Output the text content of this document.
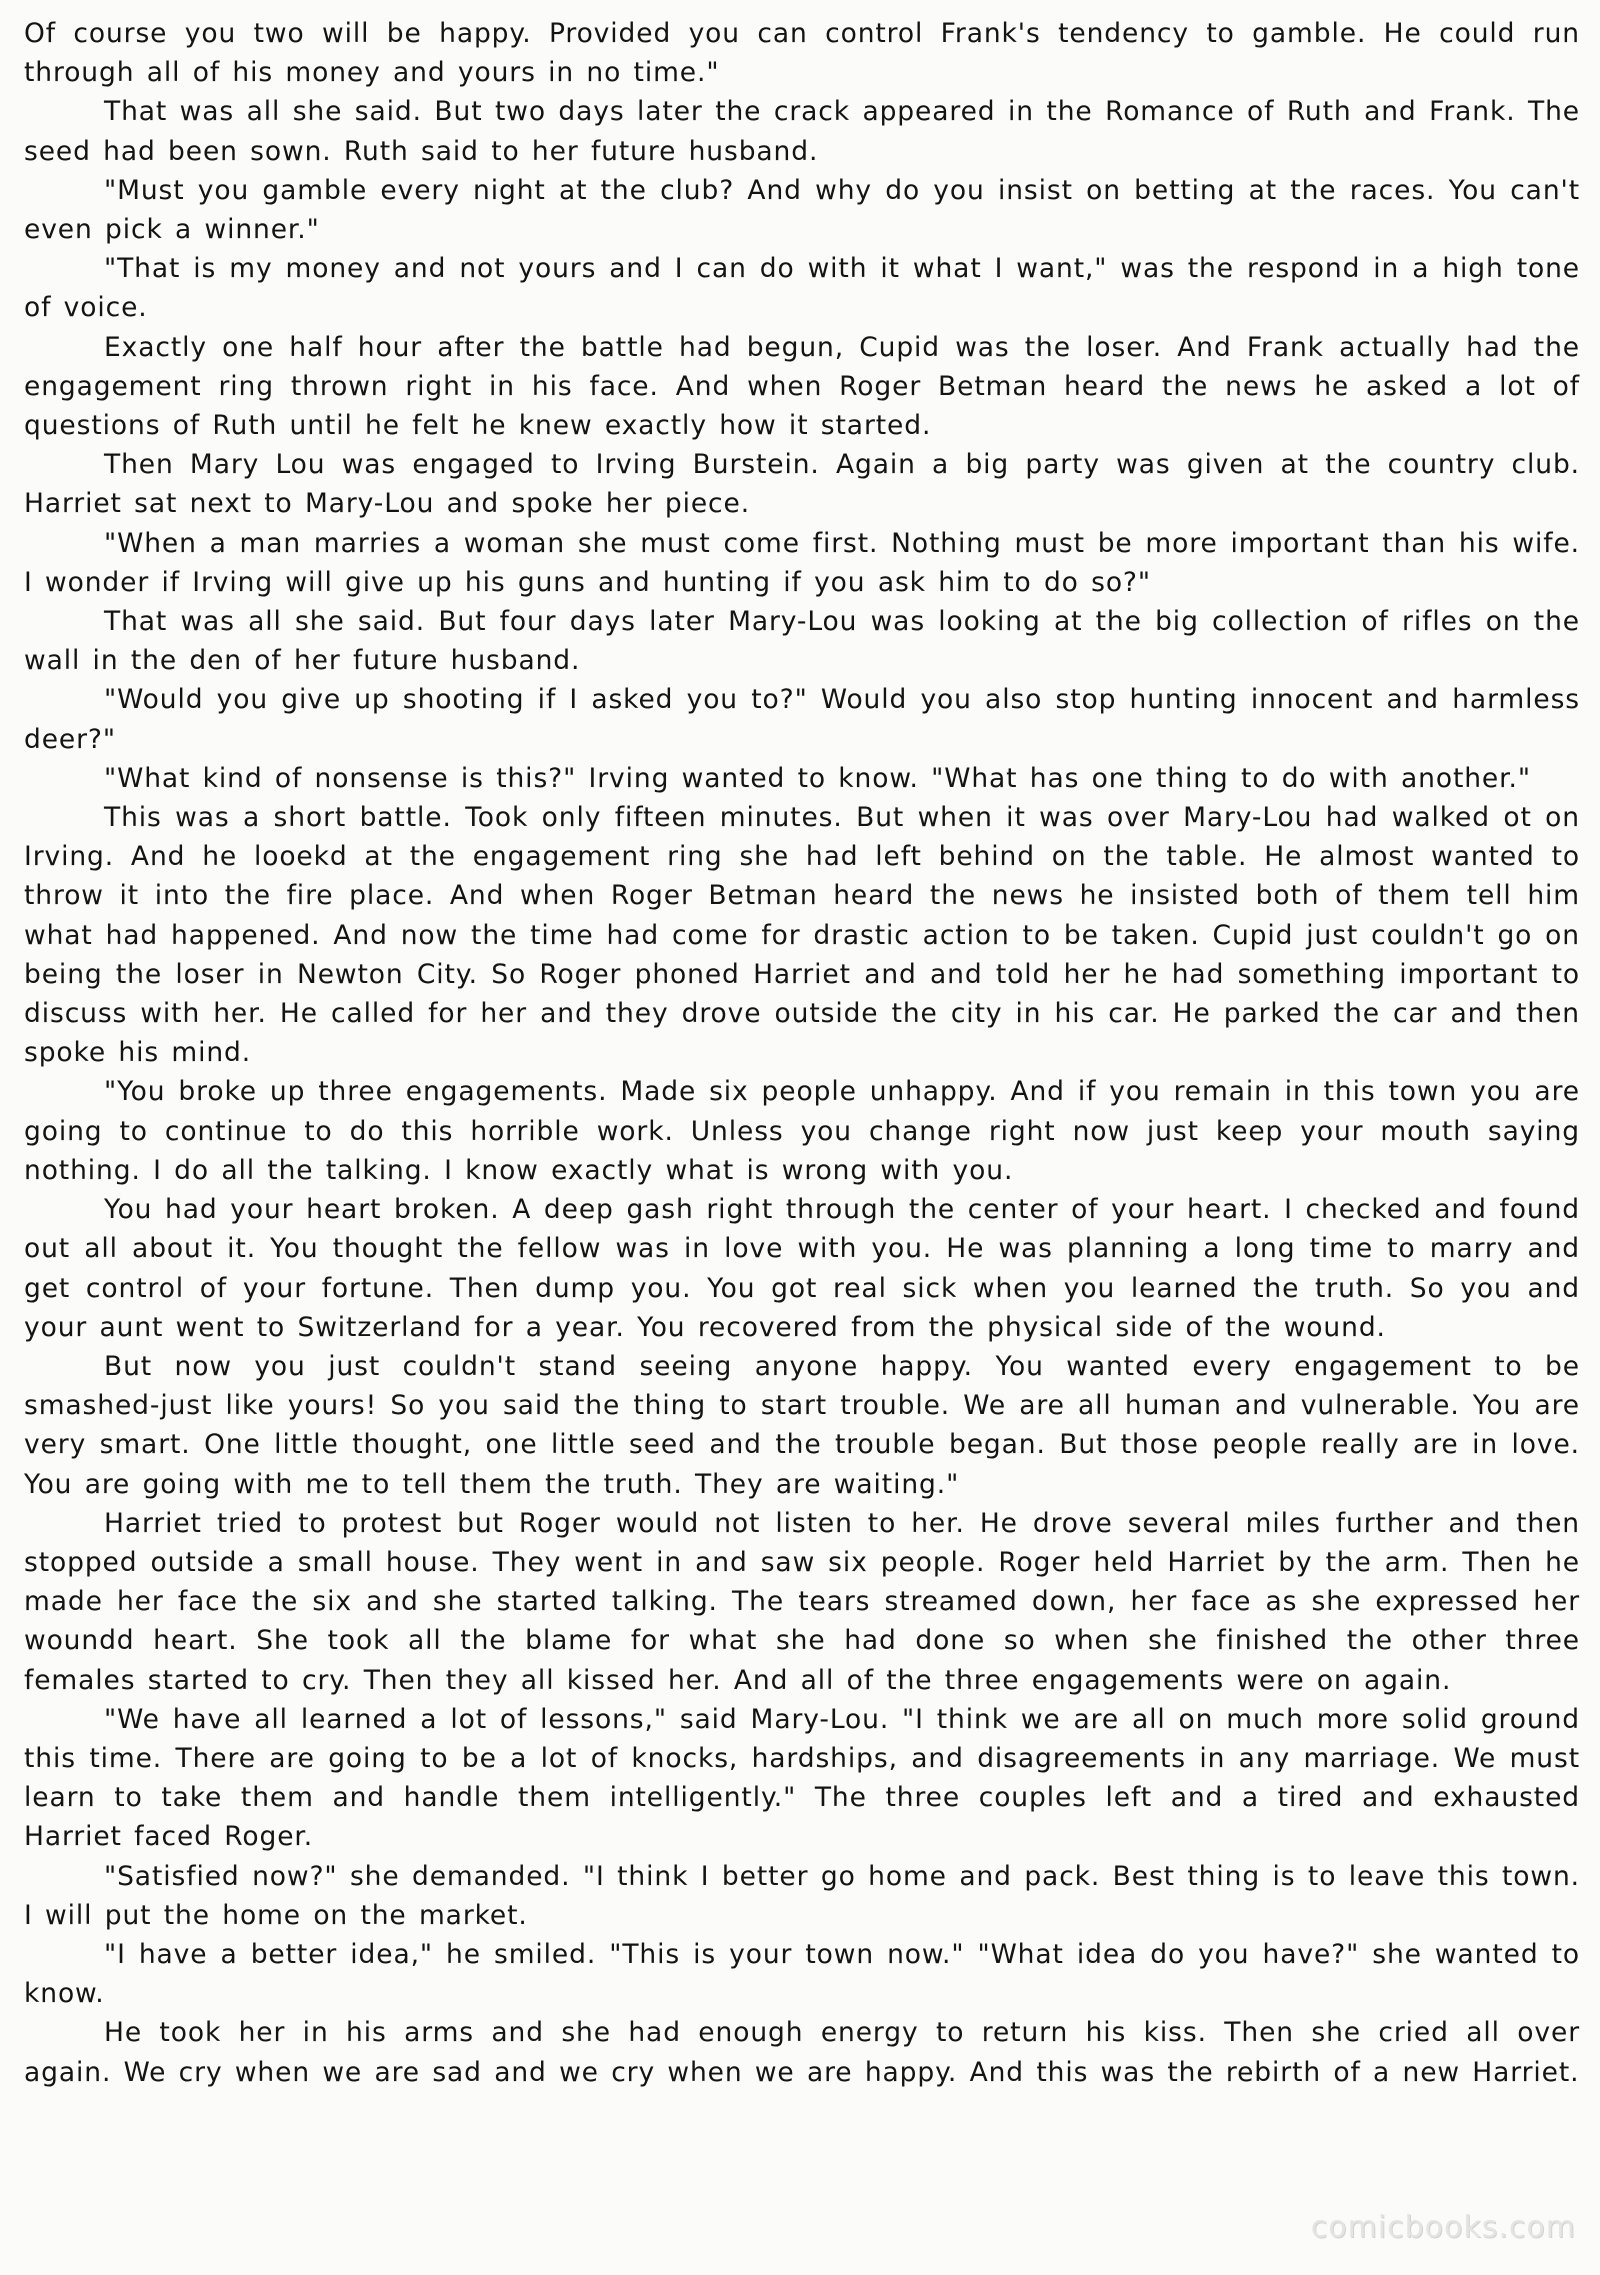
Of course you two will be happy. Provided you can control Frank's tendency to gamble. He could run through all of his money and yours in no time."

That was all she said. But two days later the crack appeared in the Romance of Ruth and Frank. The seed had been sown. Ruth said to her future husband.

"Must you gamble every night at the club? And why do you insist on betting at the races. You can't even pick a winner."

"That is my money and not yours and I can do with it what I want," was the respond in a high tone of voice.

Exactly one half hour after the battle had begun, Cupid was the loser. And Frank actually had the engagement ring thrown right in his face. And when Roger Betman heard the news he asked a lot of questions of Ruth until he felt he knew exactly how it started.

Then Mary Lou was engaged to Irving Burstein. Again a big party was given at the country club. Harriet sat next to Mary-Lou and spoke her piece.

"When a man marries a woman she must come first. Nothing must be more important than his wife. I wonder if Irving will give up his guns and hunting if you ask him to do so?"

That was all she said. But four days later Mary-Lou was looking at the big collection of rifles on the wall in the den of her future husband.

"Would you give up shooting if I asked you to?" Would you also stop hunting innocent and harmless deer?"

"What kind of nonsense is this?" Irving wanted to know. "What has one thing to do with another."

This was a short battle. Took only fifteen minutes. But when it was over Mary-Lou had walked ot on Irving. And he looekd at the engagement ring she had left behind on the table. He almost wanted to throw it into the fire place. And when Roger Betman heard the news he insisted both of them tell him what had happened. And now the time had come for drastic action to be taken. Cupid just couldn't go on being the loser in Newton City. So Roger phoned Harriet and and told her he had something important to discuss with her. He called for her and they drove outside the city in his car. He parked the car and then spoke his mind.

"You broke up three engagements. Made six people unhappy. And if you remain in this town you are going to continue to do this horrible work. Unless you change right now just keep your mouth saying nothing. I do all the talking. I know exactly what is wrong with you.

You had your heart broken. A deep gash right through the center of your heart. I checked and found out all about it. You thought the fellow was in love with you. He was planning a long time to marry and get control of your fortune. Then dump you. You got real sick when you learned the truth. So you and your aunt went to Switzerland for a year. You recovered from the physical side of the wound.

But now you just couldn't stand seeing anyone happy. You wanted every engagement to be smashed-just like yours! So you said the thing to start trouble. We are all human and vulnerable. You are very smart. One little thought, one little seed and the trouble began. But those people really are in love. You are going with me to tell them the truth. They are waiting."

Harriet tried to protest but Roger would not listen to her. He drove several miles further and then stopped outside a small house. They went in and saw six people. Roger held Harriet by the arm. Then he made her face the six and she started talking. The tears streamed down, her face as she expressed her woundd heart. She took all the blame for what she had done so when she finished the other three females started to cry. Then they all kissed her. And all of the three engagements were on again.

"We have all learned a lot of lessons," said Mary-Lou. "I think we are all on much more solid ground this time. There are going to be a lot of knocks, hardships, and disagreements in any marriage. We must learn to take them and handle them intelligently." The three couples left and a tired and exhausted Harriet faced Roger.

"Satisfied now?" she demanded. "I think I better go home and pack. Best thing is to leave this town. I will put the home on the market.

"I have a better idea," he smiled. "This is your town now." "What idea do you have?" she wanted to know.

He took her in his arms and she had enough energy to return his kiss. Then she cried all over again. We cry when we are sad and we cry when we are happy. And this was the rebirth of a new Harriet.

comicbooks.com
